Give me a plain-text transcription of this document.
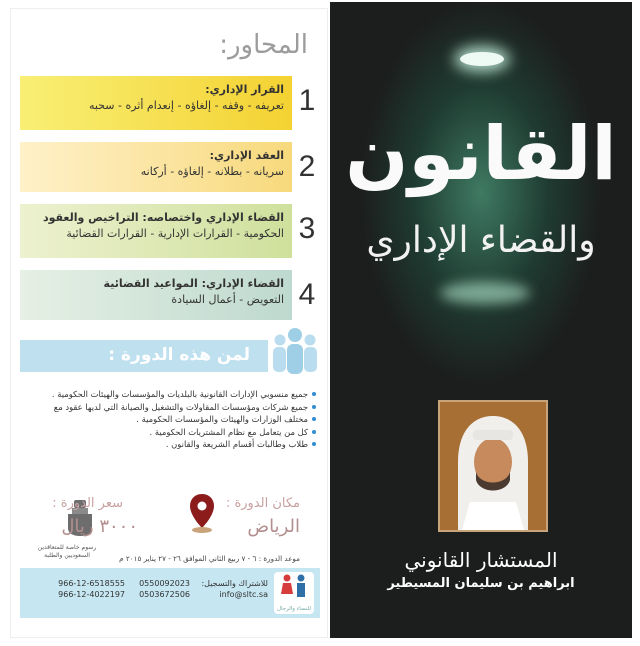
المحاور:
1
القرار الإداري:
تعريفه - وقفه - إلغاؤه - إنعدام أثره - سحبه
2
العقد الإداري:
سريانه - بطلانه - إلغاؤه - أركانه
3
القضاء الإداري واختصاصه: التراخيص والعقود
الحكومية - القرارات الإدارية - القرارات القضائية
4
القضاء الإداري: المواعيد القضائية
التعويض - أعمال السيادة
لمن هذه الدورة :
جميع منسوبي الإدارات القانونية بالبلديات والمؤسسات والهيئات الحكومية .
جميع شركات ومؤسسات المقاولات والتشغيل والصيانة التي لديها عقود مع
مختلف الوزارات والهيئات والمؤسسات الحكومية .
كل من يتعامل مع نظام المشتريات الحكومية .
طلاب وطالبات أقسام الشريعة والقانون .
مكان الدورة :
الرياض
سعر الدورة :
٣٠٠٠ ريال
رسوم خاصة للمتعاقدين السعوديين والطلبة	موعد الدورة : ٦ - ٧ ربيع الثاني الموافق ٢٦ - ٢٧ يناير ٢٠١٥ م
للنساء والرجال
للاشتراك والتسجيل:
info@sltc.sa
0550092023
0503672506
966-12-6518555
966-12-4022197
القانون
والقضاء الإداري
المستشار القانوني
ابراهيم بن سليمان المسيطير
